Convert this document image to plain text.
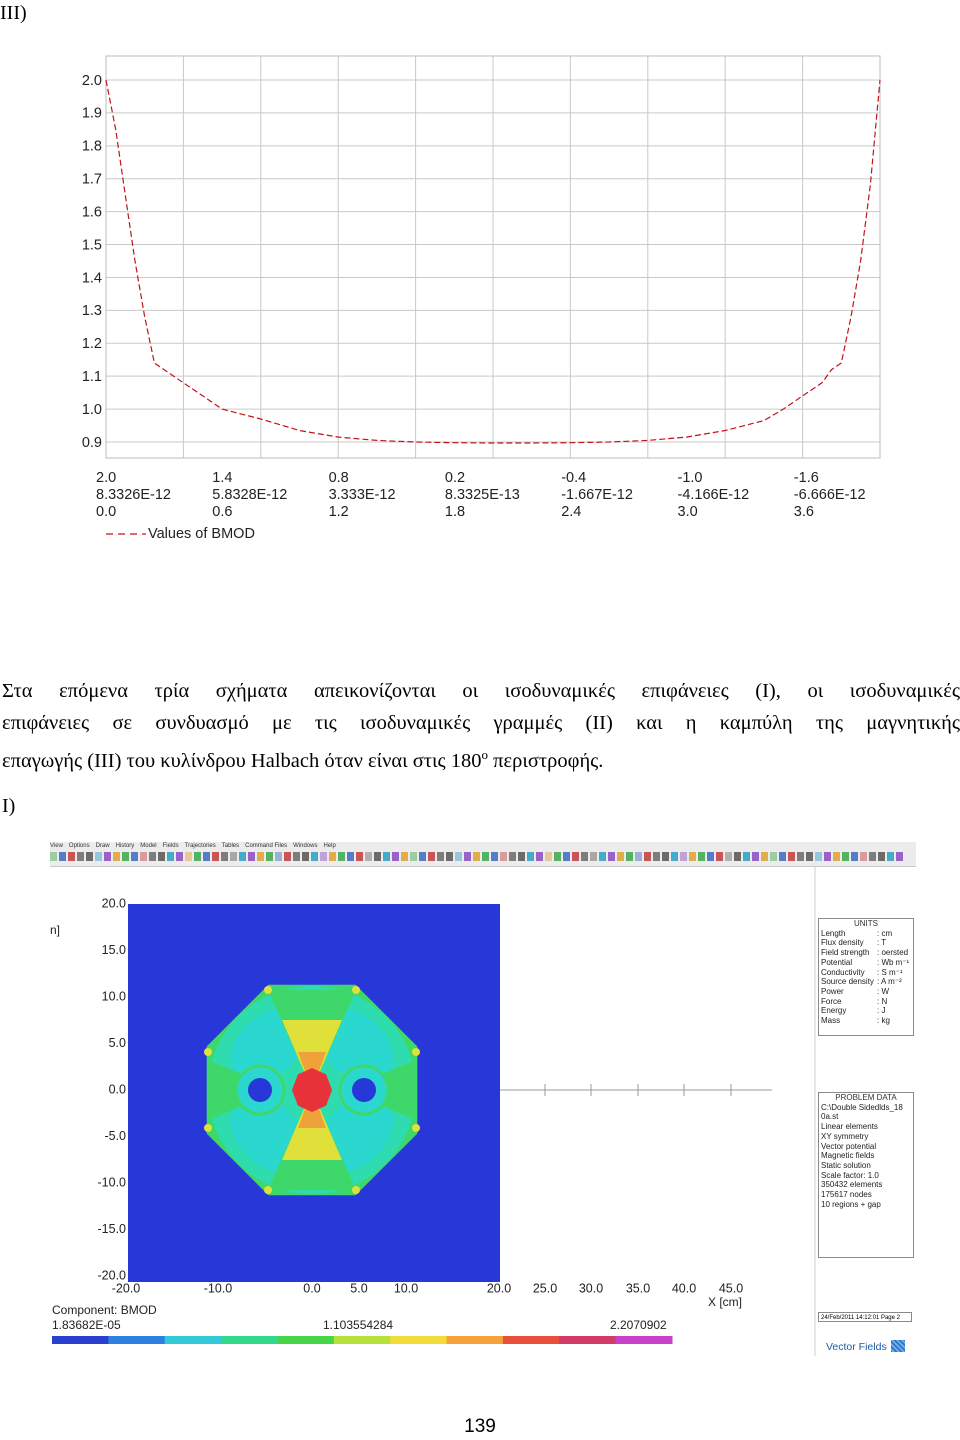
III)
2.0
1.9
1.8
1.7
1.6
1.5
1.4
1.3
1.2
1.1
1.0
0.9
2.0	1.4	0.8	0.2	-0.4	-1.0	-1.6
8.3326E-12	5.8328E-12	3.333E-12	8.3325E-13	-1.667E-12	-4.166E-12	-6.666E-12
0.0	0.6	1.2	1.8	2.4	3.0	3.6
Values of BMOD
Στα επόμενα τρία σχήματα απεικονίζονται οι ισοδυναμικές επιφάνειες (Ι), οι ισοδυναμικές
επιφάνειες σε συνδυασμό με τις ισοδυναμικές γραμμές (ΙΙ) και η καμπύλη της μαγνητικής
επαγωγής (ΙΙΙ) του κυλίνδρου Halbach όταν είναι στις $180^o$ περιστροφής.
I)
View Options Draw History Model Fields Trajectories Tables Command Files Windows Help
20.0
15.0
10.0
5.0
0.0
-5.0
-10.0
-15.0
-20.0
n]
-20.0	-10.0	0.0 5.0 10.0	20.0 25.0 30.0 35.0 40.0 45.0
X [cm]
Component: BMOD
1.83682E-05	1.103554284	2.2070902
UNITS
Length	: cm
Flux density : T
Field strength : oersted
Potential	: Wb m⁻¹
Conductivity : S m⁻¹
Source density : A m⁻²
Power	: W
Force	: N
Energy	: J
Mass	: kg
PROBLEM DATA
C:\Double Sidedlds_18
0a.st
Linear elements
XY symmetry
Vector potential
Magnetic fields
Static solution
Scale factor: 1.0
350432 elements
175617 nodes
10 regions + gap
24/Feb/2011 14:12:01 Page 2
Vector Fields
139
